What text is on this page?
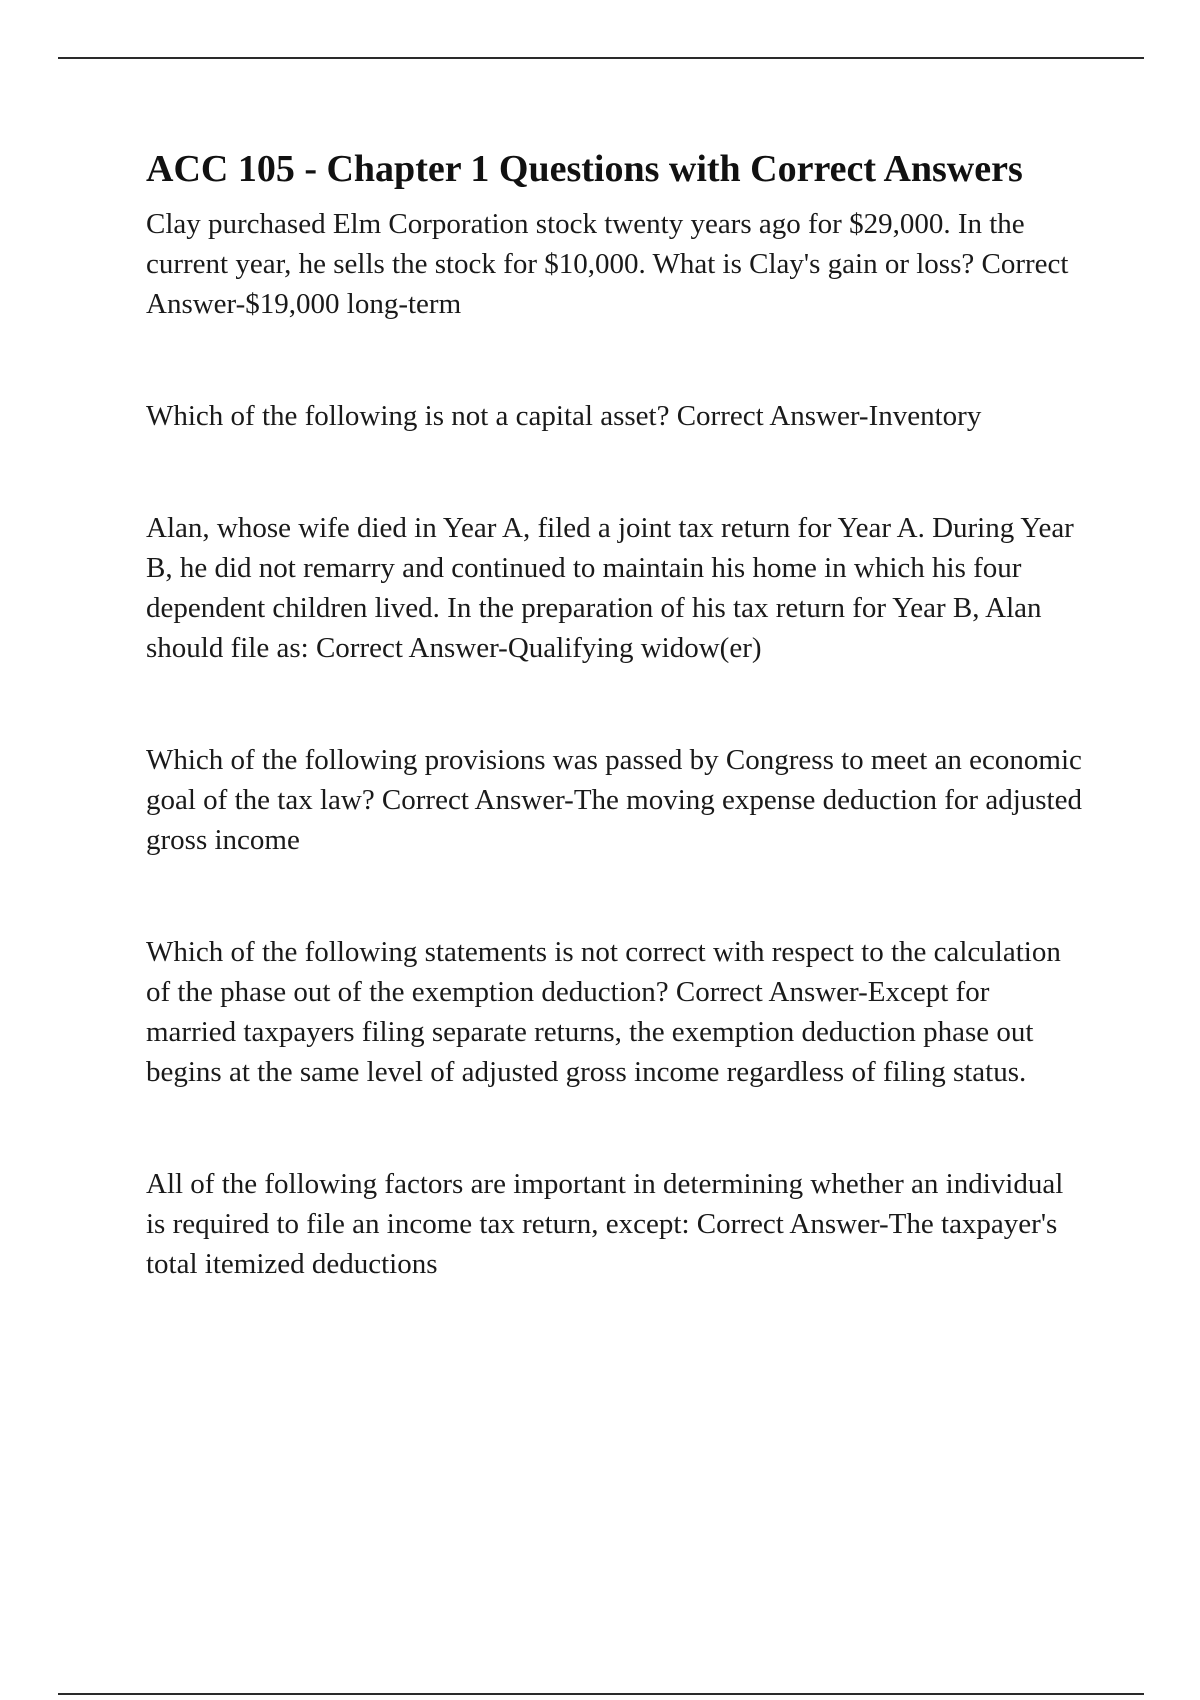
ACC 105 - Chapter 1 Questions with Correct Answers

Clay purchased Elm Corporation stock twenty years ago for $29,000. In the current year, he sells the stock for $10,000. What is Clay's gain or loss? Correct Answer-$19,000 long-term

Which of the following is not a capital asset? Correct Answer-Inventory

Alan, whose wife died in Year A, filed a joint tax return for Year A. During Year B, he did not remarry and continued to maintain his home in which his four dependent children lived. In the preparation of his tax return for Year B, Alan should file as: Correct Answer-Qualifying widow(er)

Which of the following provisions was passed by Congress to meet an economic goal of the tax law? Correct Answer-The moving expense deduction for adjusted gross income

Which of the following statements is not correct with respect to the calculation of the phase out of the exemption deduction? Correct Answer-Except for married taxpayers filing separate returns, the exemption deduction phase out begins at the same level of adjusted gross income regardless of filing status.

All of the following factors are important in determining whether an individual is required to file an income tax return, except: Correct Answer-The taxpayer's total itemized deductions
